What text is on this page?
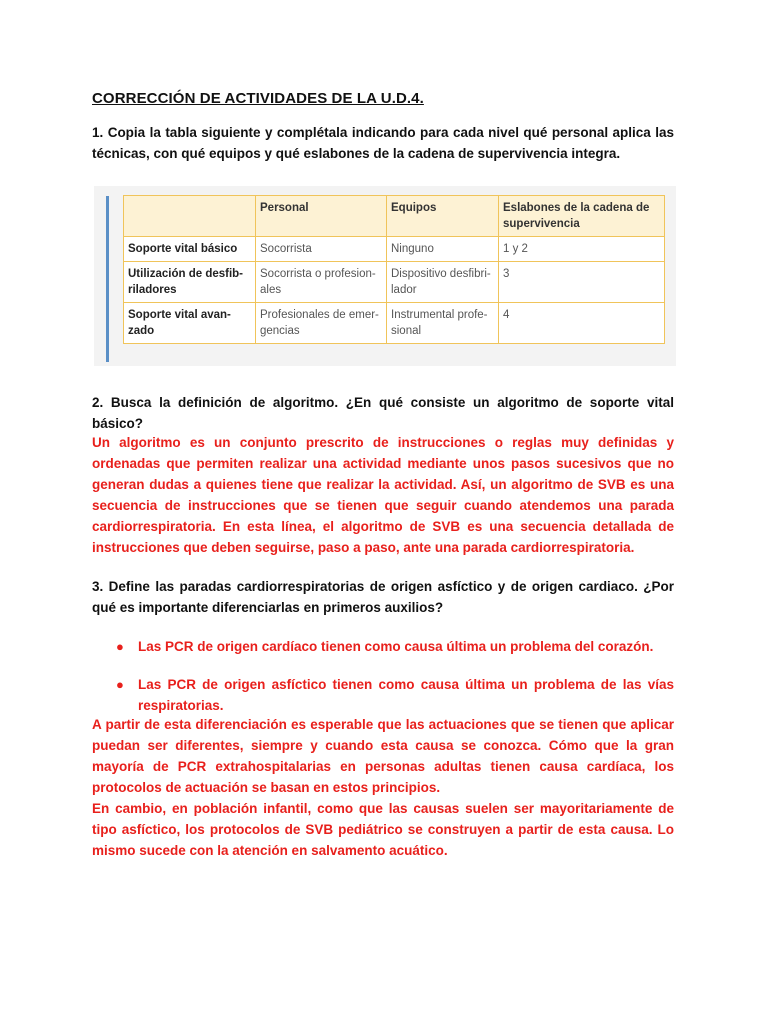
CORRECCIÓN DE ACTIVIDADES DE LA U.D.4.

1. Copia la tabla siguiente y complétala indicando para cada nivel qué personal aplica las técnicas, con qué equipos y qué eslabones de la cadena de supervivencia integra.

	Personal	Equipos	Eslabones de la cadena de supervivencia
Soporte vital básico	Socorrista	Ninguno	1 y 2
Utilización de desfib-riladores	Socorrista o profesion-ales	Dispositivo desfibri-lador	3
Soporte vital avan-zado	Profesionales de emer-gencias	Instrumental profe-sional	4

2. Busca la definición de algoritmo. ¿En qué consiste un algoritmo de soporte vital básico?

Un algoritmo es un conjunto prescrito de instrucciones o reglas muy definidas y ordenadas que permiten realizar una actividad mediante unos pasos sucesivos que no generan dudas a quienes tiene que realizar la actividad. Así, un algoritmo de SVB es una secuencia de instrucciones que se tienen que seguir cuando atendemos una parada cardiorrespiratoria. En esta línea, el algoritmo de SVB es una secuencia detallada de instrucciones que deben seguirse, paso a paso, ante una parada cardiorrespiratoria.

3. Define las paradas cardiorrespiratorias de origen asfíctico y de origen cardiaco. ¿Por qué es importante diferenciarlas en primeros auxilios?

● Las PCR de origen cardíaco tienen como causa última un problema del corazón.
● Las PCR de origen asfíctico tienen como causa última un problema de las vías respiratorias.
A partir de esta diferenciación es esperable que las actuaciones que se tienen que aplicar puedan ser diferentes, siempre y cuando esta causa se conozca. Cómo que la gran mayoría de PCR extrahospitalarias en personas adultas tienen causa cardíaca, los protocolos de actuación se basan en estos principios.
En cambio, en población infantil, como que las causas suelen ser mayoritariamente de tipo asfíctico, los protocolos de SVB pediátrico se construyen a partir de esta causa. Lo mismo sucede con la atención en salvamento acuático.
